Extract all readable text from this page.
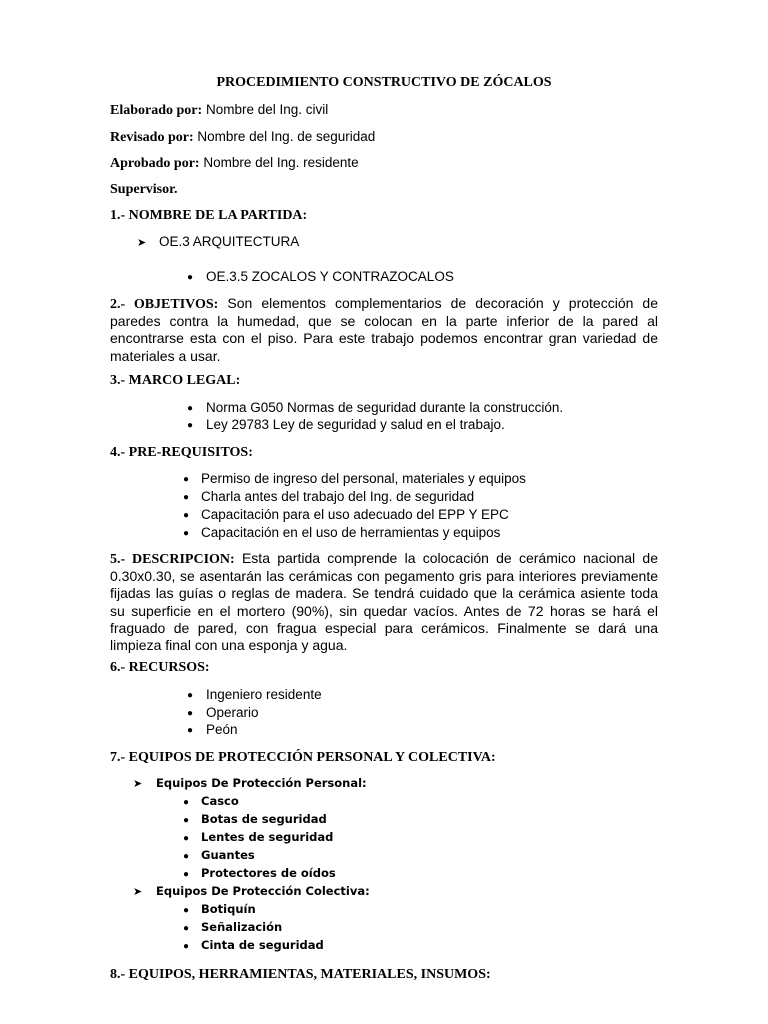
PROCEDIMIENTO CONSTRUCTIVO DE ZÓCALOS
Elaborado por: Nombre del Ing. civil
Revisado por: Nombre del Ing. de seguridad
Aprobado por: Nombre del Ing. residente
Supervisor.
1.- NOMBRE DE LA PARTIDA:
➤ OE.3 ARQUITECTURA
● OE.3.5 ZOCALOS Y CONTRAZOCALOS

2.- OBJETIVOS: Son elementos complementarios de decoración y protección de

paredes contra la humedad, que se colocan en la parte inferior de la pared al

encontrarse esta con el piso. Para este trabajo podemos encontrar gran variedad de

materiales a usar.

3.- MARCO LEGAL:
● Norma G050 Normas de seguridad durante la construcción.
● Ley 29783 Ley de seguridad y salud en el trabajo.
4.- PRE-REQUISITOS:
● Permiso de ingreso del personal, materiales y equipos
● Charla antes del trabajo del Ing. de seguridad
● Capacitación para el uso adecuado del EPP Y EPC
● Capacitación en el uso de herramientas y equipos

5.- DESCRIPCION: Esta partida comprende la colocación de cerámico nacional de

0.30x0.30, se asentarán las cerámicas con pegamento gris para interiores previamente

fijadas las guías o reglas de madera. Se tendrá cuidado que la cerámica asiente toda

su superficie en el mortero (90%), sin quedar vacíos. Antes de 72 horas se hará el

fraguado de pared, con fragua especial para cerámicos. Finalmente se dará una

limpieza final con una esponja y agua.

6.- RECURSOS:
● Ingeniero residente
● Operario
● Peón
7.- EQUIPOS DE PROTECCIÓN PERSONAL Y COLECTIVA:
➤ Equipos De Protección Personal:
● Casco
● Botas de seguridad
● Lentes de seguridad
● Guantes
● Protectores de oídos
➤ Equipos De Protección Colectiva:
● Botiquín
● Señalización
● Cinta de seguridad
8.- EQUIPOS, HERRAMIENTAS, MATERIALES, INSUMOS:
